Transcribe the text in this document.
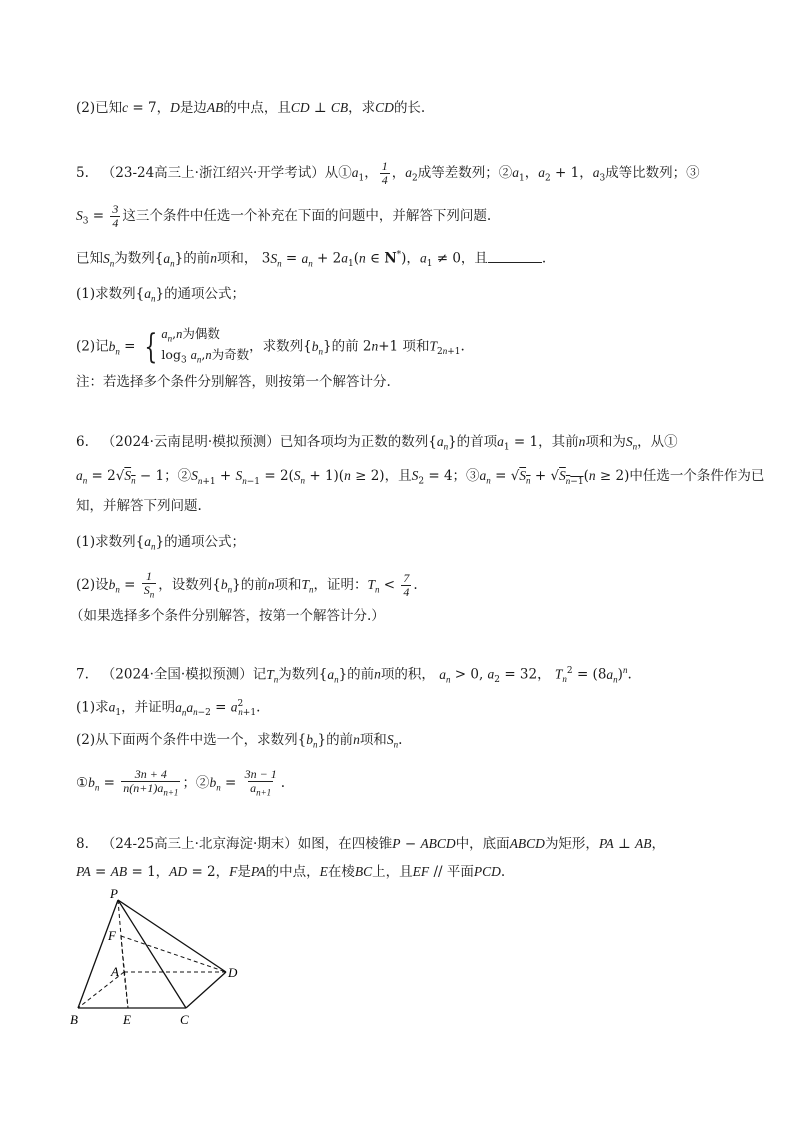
(2)已知c = 7，D是边AB的中点，且CD ⊥ CB，求CD的长.
5. （23-24高三上·浙江绍兴·开学考试）从$①a_1$， $\frac{1}{4}$ ，$a_2$成等差数列；$②a_1$，$a_2 + 1$，$a_3$成等比数列；③
$S_3 = \frac{3}{4}$ 这三个条件中任选一个补充在下面的问题中，并解答下列问题.
已知$S_n$为数列$\{a_n\}$的前n项和， $3S_n = a_n + 2a_1(n$ ∈ N*)，$a_1 \ne 0$，且	.
(1)求数列$\{a_n\}$的通项公式；
(2)记$b_n$ = { $a_n,n$为偶数
$\log_3 a_n,n$为奇数 ，求数列$\{b_n\}$的前 2n+1 项和$T_{2n+1}$.
注：若选择多个条件分别解答，则按第一个解答计分.
6. （2024·云南昆明·模拟预测）已知各项均为正数的数列$\{a_n\}$的首项$a_1 = 1$，其前n项和为$S_n$，从①
$a_n = 2√S_n - 1$；$②S_{n+1} + S_{n-1} = 2(S_n + 1)(n \ge 2)$，且$S_2 = 4$；$③a_n = √S_n + √S_{n-1}(n \ge 2)$中任选一个条件作为已
知，并解答下列问题.
(1)求数列$\{a_n\}$的通项公式；
(2)设$b_n = \frac{1}{S_n}$ ，设数列$\{b_n\}$的前n项和$T_n$，证明：$T_n < \frac{7}{4}$ .
（如果选择多个条件分别解答，按第一个解答计分.）
7. （2024·全国·模拟预测）记$T_n$为数列$\{a_n\}$的前n项的积， $a_n > 0$, $a_2 = 32$， $T_n^2 = (8a_n)^n$.
(1)求$a_1$，并证明$a_na_{n-2} = a^2_{n+1}$.
(2)从下面两个条件中选一个，求数列$\{b_n\}$的前n项和$S_n$.
$①b_n = \frac{3n + 4}{n(n+1)a_{n+1}}$ ；$②b_n = \frac{3n - 1}{a_{n+1}}$ .
8. （24-25高三上·北京海淀·期末）如图，在四棱锥P − ABCD中，底面ABCD为矩形，PA ⊥ AB，
PA = AB = 1，AD = 2，F是PA的中点，E在棱BC上，且EF // 平面PCD.
P
F
A	D
B	E	C
